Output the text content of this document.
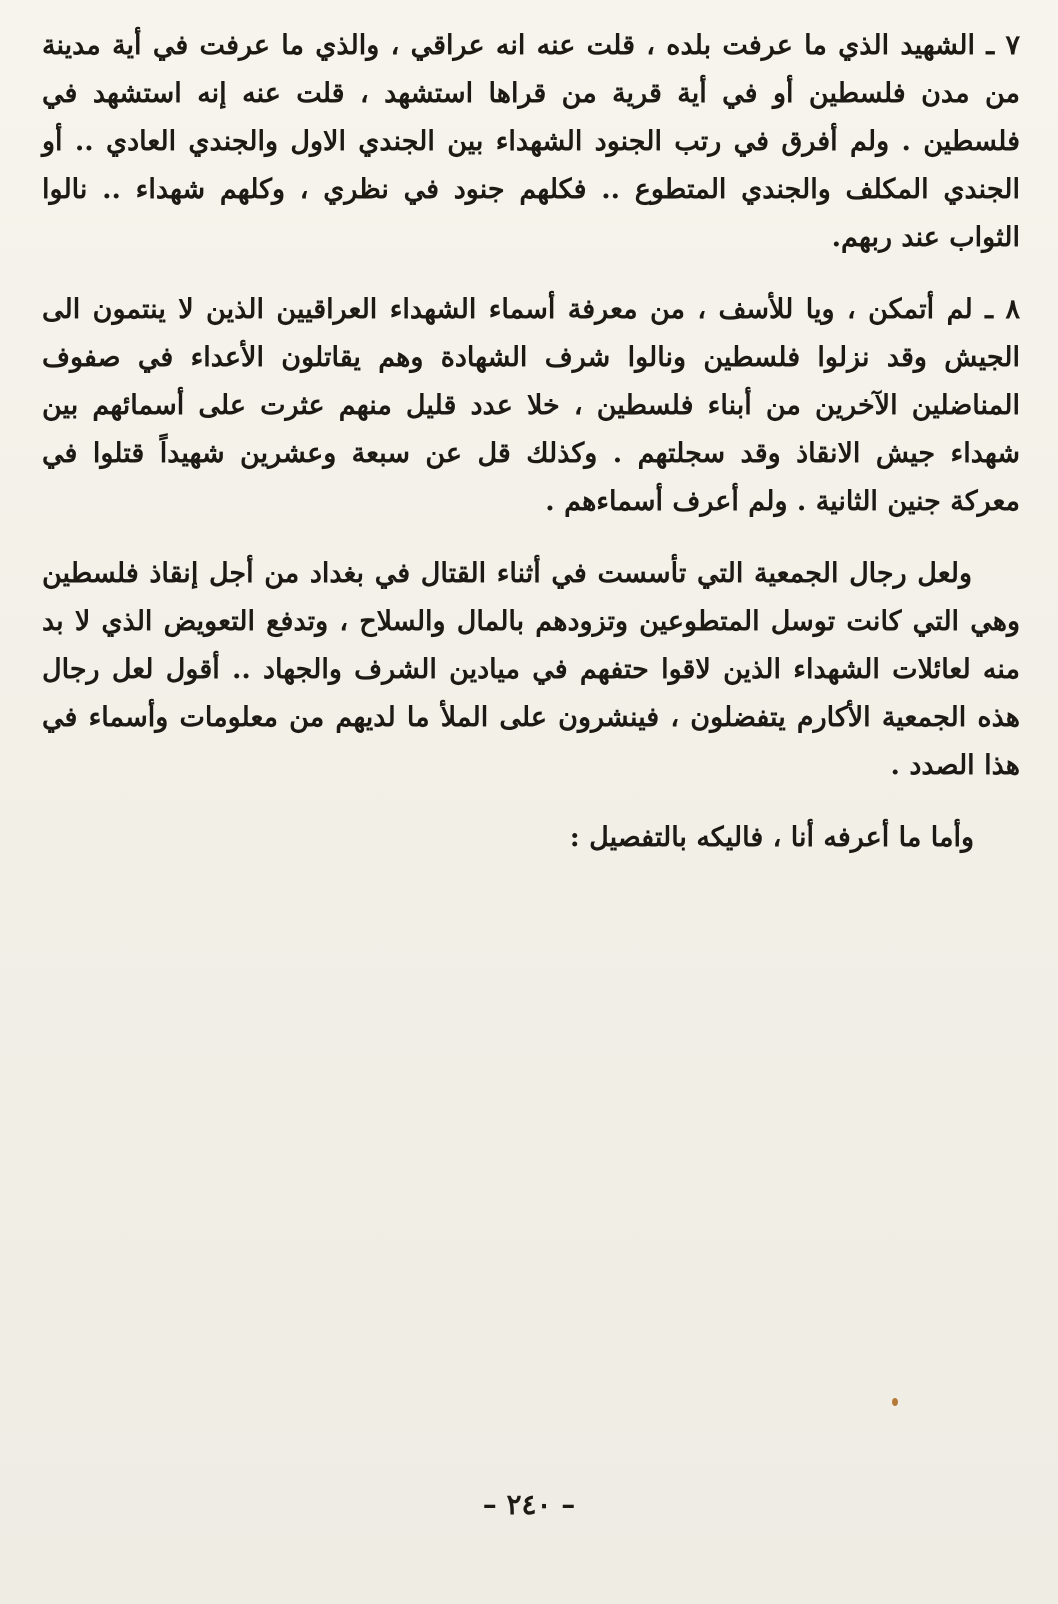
٧ ـ الشهيد الذي ما عرفت بلده ، قلت عنه انه عراقي ، والذي ما عرفت في أية مدينة من مدن فلسطين أو في أية قرية من قراها استشهد ، قلت عنه إنه استشهد في فلسطين . ولم أفرق في رتب الجنود الشهداء بين الجندي الاول والجندي العادي .. أو الجندي المكلف والجندي المتطوع .. فكلهم جنود في نظري ، وكلهم شهداء .. نالوا الثواب عند ربهم.

٨ ـ لم أتمكن ، ويا للأسف ، من معرفة أسماء الشهداء العراقيين الذين لا ينتمون الى الجيش وقد نزلوا فلسطين ونالوا شرف الشهادة وهم يقاتلون الأعداء في صفوف المناضلين الآخرين من أبناء فلسطين ، خلا عدد قليل منهم عثرت على أسمائهم بين شهداء جيش الانقاذ وقد سجلتهم . وكذلك قل عن سبعة وعشرين شهيداً قتلوا في معركة جنين الثانية . ولم أعرف أسماءهم .

ولعل رجال الجمعية التي تأسست في أثناء القتال في بغداد من أجل إنقاذ فلسطين وهي التي كانت توسل المتطوعين وتزودهم بالمال والسلاح ، وتدفع التعويض الذي لا بد منه لعائلات الشهداء الذين لاقوا حتفهم في ميادين الشرف والجهاد .. أقول لعل رجال هذه الجمعية الأكارم يتفضلون ، فينشرون على الملأ ما لديهم من معلومات وأسماء في هذا الصدد .

وأما ما أعرفه أنا ، فاليكه بالتفصيل :

– ٢٤٠ –
